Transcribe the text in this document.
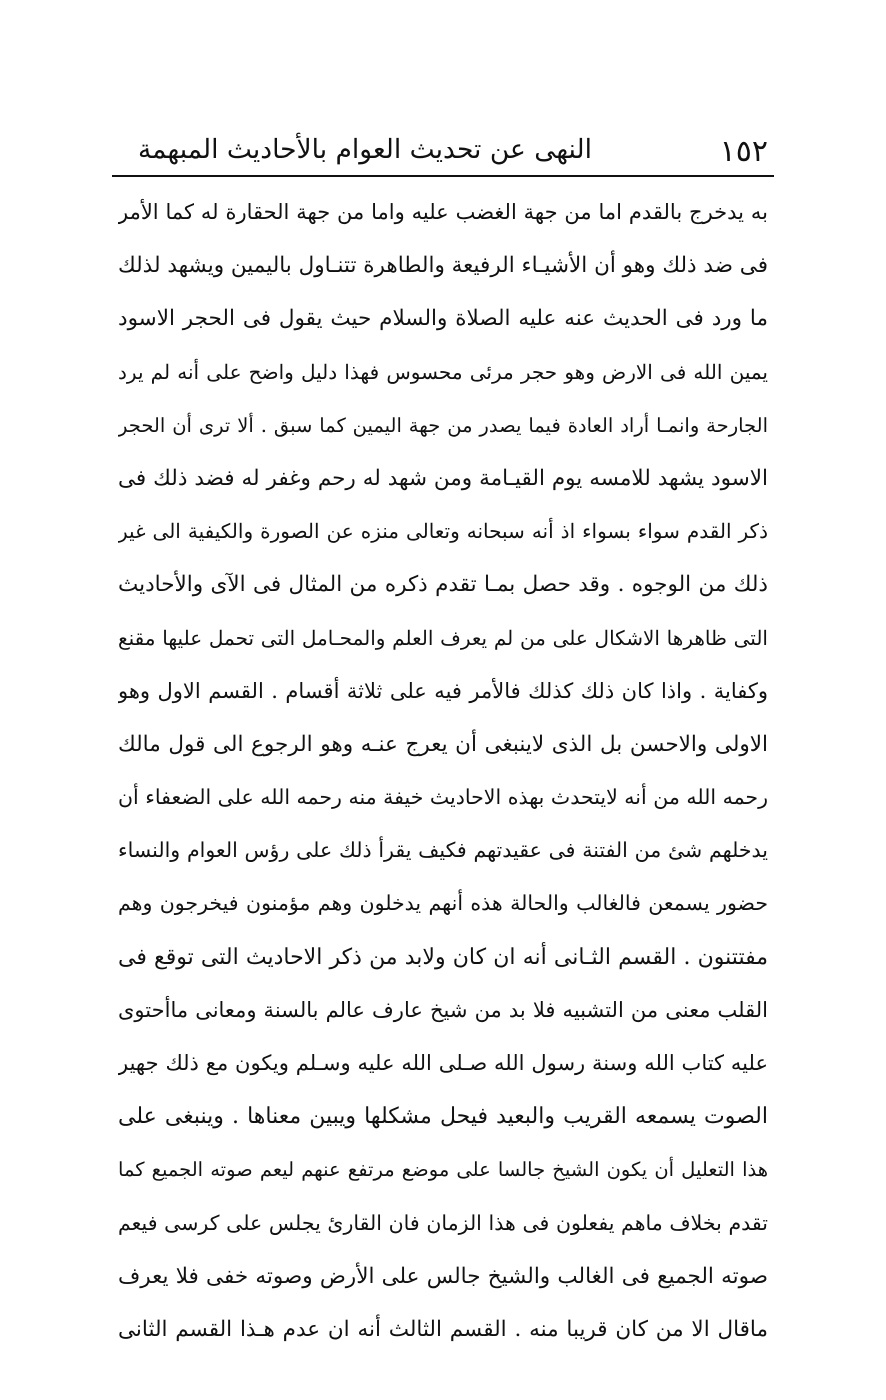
١٥٢
النهى عن تحديث العوام بالأحاديث المبهمة
به يدخرج بالقدم اما من جهة الغضب عليه واما من جهة الحقارة له كما الأمر
فى ضد ذلك وهو أن الأشيـاء الرفيعة والطاهرة تتنـاول باليمين ويشهد لذلك
ما ورد فى الحديث عنه عليه الصلاة والسلام حيث يقول فى الحجر الاسود
يمين الله فى الارض وهو حجر مرئى محسوس فهذا دليل واضح على أنه لم يرد
الجارحة وانمـا أراد العادة فيما يصدر من جهة اليمين كما سبق . ألا ترى أن الحجر
الاسود يشهد للامسه يوم القيـامة ومن شهد له رحم وغفر له فضد ذلك فى
ذكر القدم سواء بسواء اذ أنه سبحانه وتعالى منزه عن الصورة والكيفية الى غير
ذلك من الوجوه . وقد حصل بمـا تقدم ذكره من المثال فى الآى والأحاديث
التى ظاهرها الاشكال على من لم يعرف العلم والمحـامل التى تحمل عليها مقنع
وكفاية . واذا كان ذلك كذلك فالأمر فيه على ثلاثة أقسام . القسم الاول وهو
الاولى والاحسن بل الذى لاينبغى أن يعرج عنـه وهو الرجوع الى قول مالك
رحمه الله من أنه لايتحدث بهذه الاحاديث خيفة منه رحمه الله على الضعفاء أن
يدخلهم شئ من الفتنة فى عقيدتهم فكيف يقرأ ذلك على رؤس العوام والنساء
حضور يسمعن فالغالب والحالة هذه أنهم يدخلون وهم مؤمنون فيخرجون وهم
مفتتنون . القسم الثـانى أنه ان كان ولابد من ذكر الاحاديث التى توقع فى
القلب معنى من التشبيه فلا بد من شيخ عارف عالم بالسنة ومعانى ماأحتوى
عليه كتاب الله وسنة رسول الله صـلى الله عليه وسـلم ويكون مع ذلك جهير
الصوت يسمعه القريب والبعيد فيحل مشكلها ويبين معناها . وينبغى على
هذا التعليل أن يكون الشيخ جالسا على موضع مرتفع عنهم ليعم صوته الجميع كما
تقدم بخلاف ماهم يفعلون فى هذا الزمان فان القارئ يجلس على كرسى فيعم
صوته الجميع فى الغالب والشيخ جالس على الأرض وصوته خفى فلا يعرف
ماقال الا من كان قريبا منه . القسم الثالث أنه ان عدم هـذا القسم الثانى
